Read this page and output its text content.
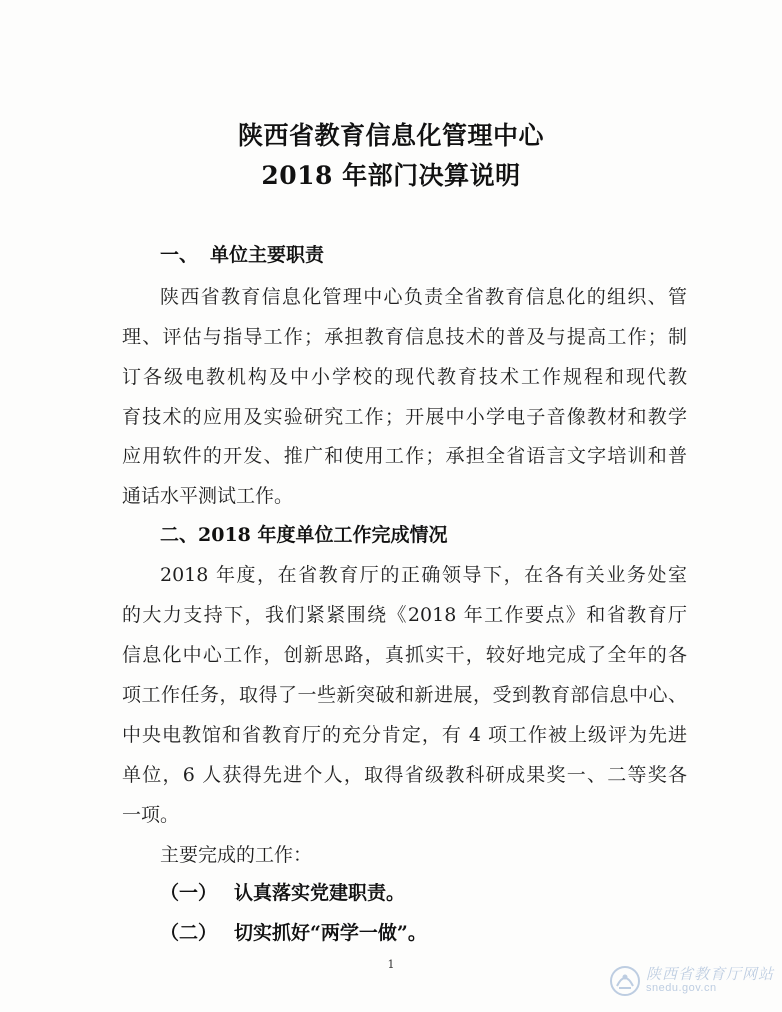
陕西省教育信息化管理中心
2018 年部门决算说明
一、 单位主要职责
陕西省教育信息化管理中心负责全省教育信息化的组织、管
理、评估与指导工作；承担教育信息技术的普及与提高工作；制
订各级电教机构及中小学校的现代教育技术工作规程和现代教
育技术的应用及实验研究工作；开展中小学电子音像教材和教学
应用软件的开发、推广和使用工作；承担全省语言文字培训和普
通话水平测试工作。
二、2018 年度单位工作完成情况
2018 年度，在省教育厅的正确领导下，在各有关业务处室
的大力支持下，我们紧紧围绕《2018 年工作要点》和省教育厅
信息化中心工作，创新思路，真抓实干，较好地完成了全年的各
项工作任务，取得了一些新突破和新进展，受到教育部信息中心、
中央电教馆和省教育厅的充分肯定，有 4 项工作被上级评为先进
单位，6 人获得先进个人，取得省级教科研成果奖一、二等奖各
一项。
主要完成的工作：
（一） 认真落实党建职责。
（二） 切实抓好“两学一做”。
1
陕西省教育厅网站
snedu.gov.cn
